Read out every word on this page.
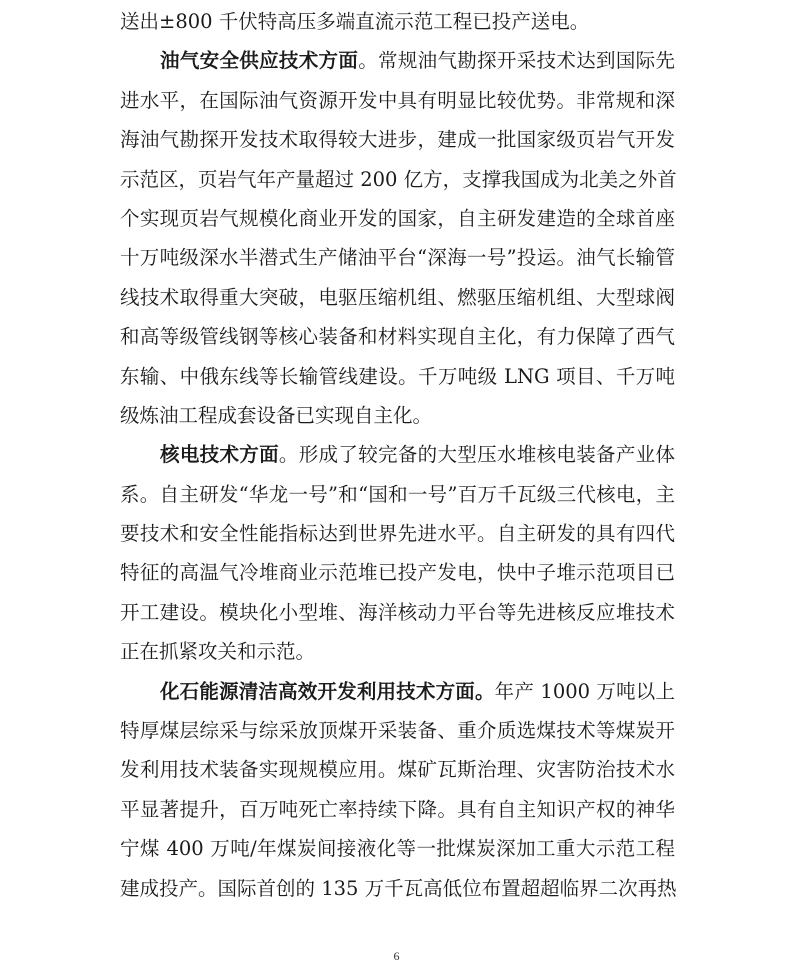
送出±800 千伏特高压多端直流示范工程已投产送电。
油气安全供应技术方面。常规油气勘探开采技术达到国际先
进水平，在国际油气资源开发中具有明显比较优势。非常规和深
海油气勘探开发技术取得较大进步，建成一批国家级页岩气开发
示范区，页岩气年产量超过 200 亿方，支撑我国成为北美之外首
个实现页岩气规模化商业开发的国家，自主研发建造的全球首座
十万吨级深水半潜式生产储油平台“深海一号”投运。油气长输管
线技术取得重大突破，电驱压缩机组、燃驱压缩机组、大型球阀
和高等级管线钢等核心装备和材料实现自主化，有力保障了西气
东输、中俄东线等长输管线建设。千万吨级 LNG 项目、千万吨
级炼油工程成套设备已实现自主化。
核电技术方面。形成了较完备的大型压水堆核电装备产业体
系。自主研发“华龙一号”和“国和一号”百万千瓦级三代核电，主
要技术和安全性能指标达到世界先进水平。自主研发的具有四代
特征的高温气冷堆商业示范堆已投产发电，快中子堆示范项目已
开工建设。模块化小型堆、海洋核动力平台等先进核反应堆技术
正在抓紧攻关和示范。
化石能源清洁高效开发利用技术方面。年产 1000 万吨以上
特厚煤层综采与综采放顶煤开采装备、重介质选煤技术等煤炭开
发利用技术装备实现规模应用。煤矿瓦斯治理、灾害防治技术水
平显著提升，百万吨死亡率持续下降。具有自主知识产权的神华
宁煤 400 万吨/年煤炭间接液化等一批煤炭深加工重大示范工程
建成投产。国际首创的 135 万千瓦高低位布置超超临界二次再热
6
